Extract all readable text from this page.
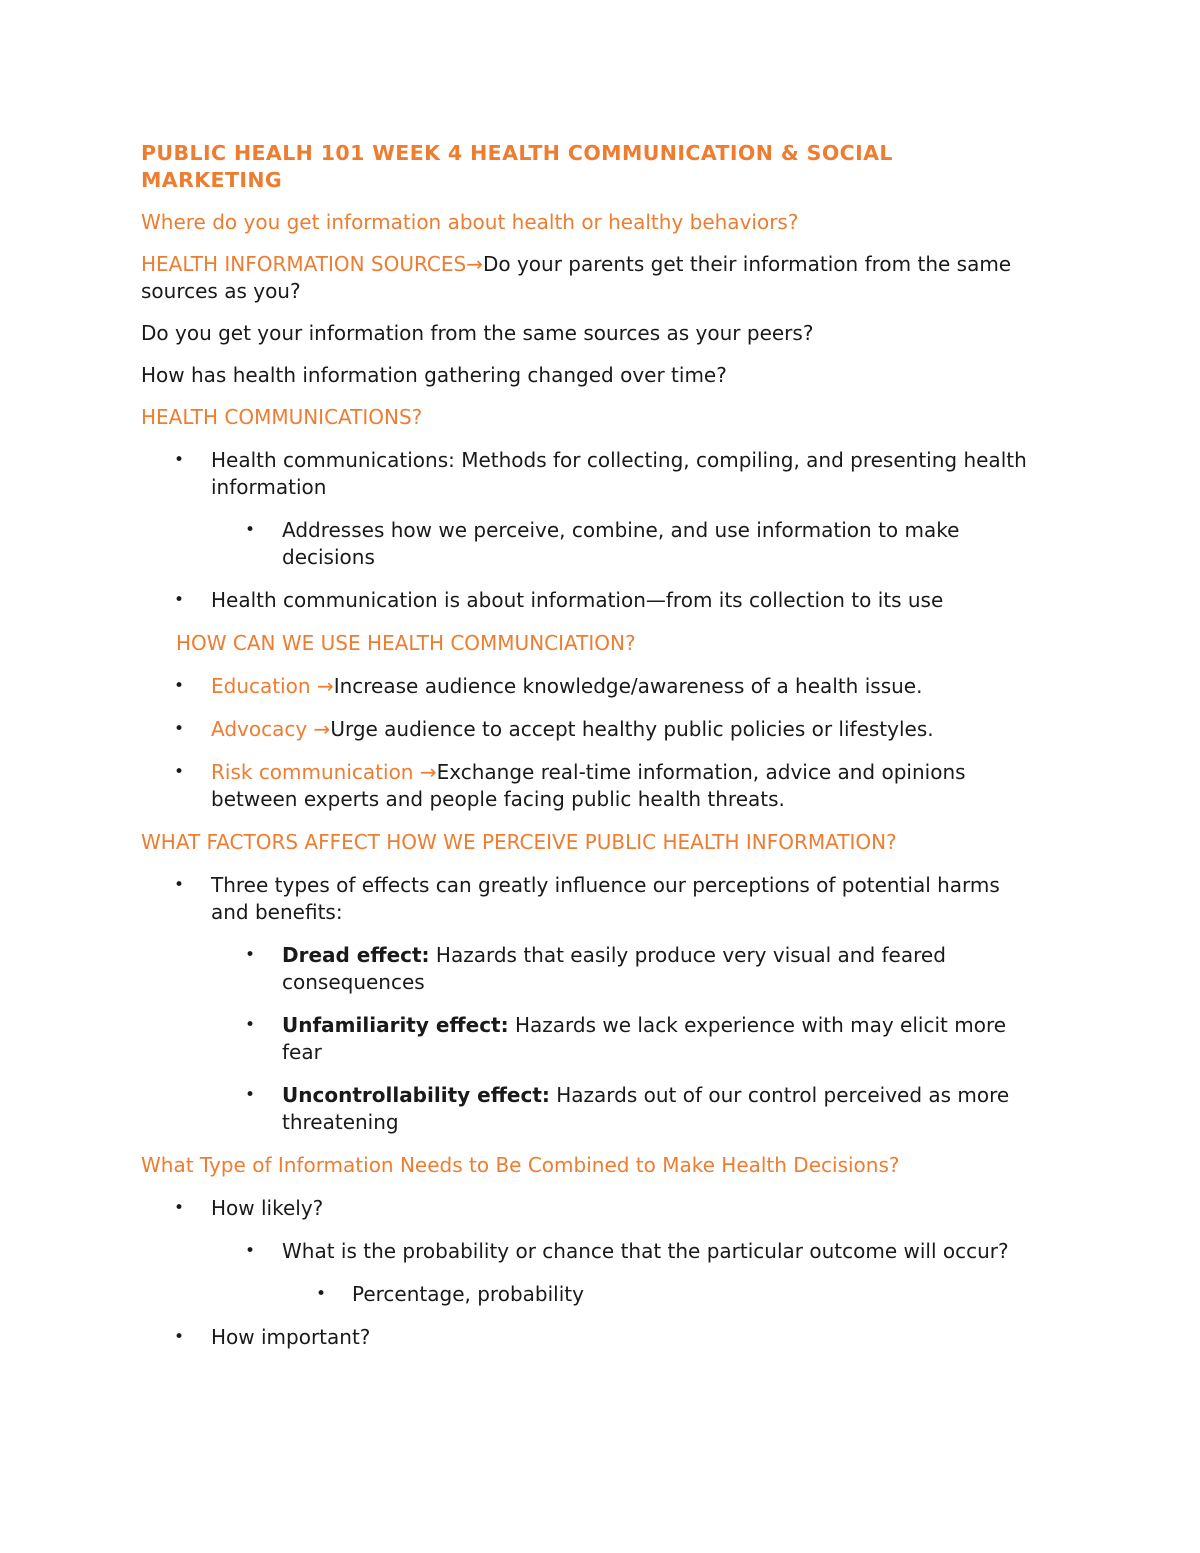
PUBLIC HEALH 101 WEEK 4 HEALTH COMMUNICATION & SOCIAL MARKETING

Where do you get information about health or healthy behaviors?

HEALTH INFORMATION SOURCES→Do your parents get their information from the same sources as you?

Do you get your information from the same sources as your peers?

How has health information gathering changed over time?

HEALTH COMMUNICATIONS?

• Health communications: Methods for collecting, compiling, and presenting health information
• Addresses how we perceive, combine, and use information to make decisions
• Health communication is about information—from its collection to its use

HOW CAN WE USE HEALTH COMMUNCIATION?

• Education →Increase audience knowledge/awareness of a health issue.
• Advocacy →Urge audience to accept healthy public policies or lifestyles.
• Risk communication →Exchange real-time information, advice and opinions between experts and people facing public health threats.

WHAT FACTORS AFFECT HOW WE PERCEIVE PUBLIC HEALTH INFORMATION?

• Three types of effects can greatly influence our perceptions of potential harms and benefits:
• Dread effect: Hazards that easily produce very visual and feared consequences
• Unfamiliarity effect: Hazards we lack experience with may elicit more fear
• Uncontrollability effect: Hazards out of our control perceived as more threatening

What Type of Information Needs to Be Combined to Make Health Decisions?

• How likely?
• What is the probability or chance that the particular outcome will occur?
• Percentage, probability
• How important?
